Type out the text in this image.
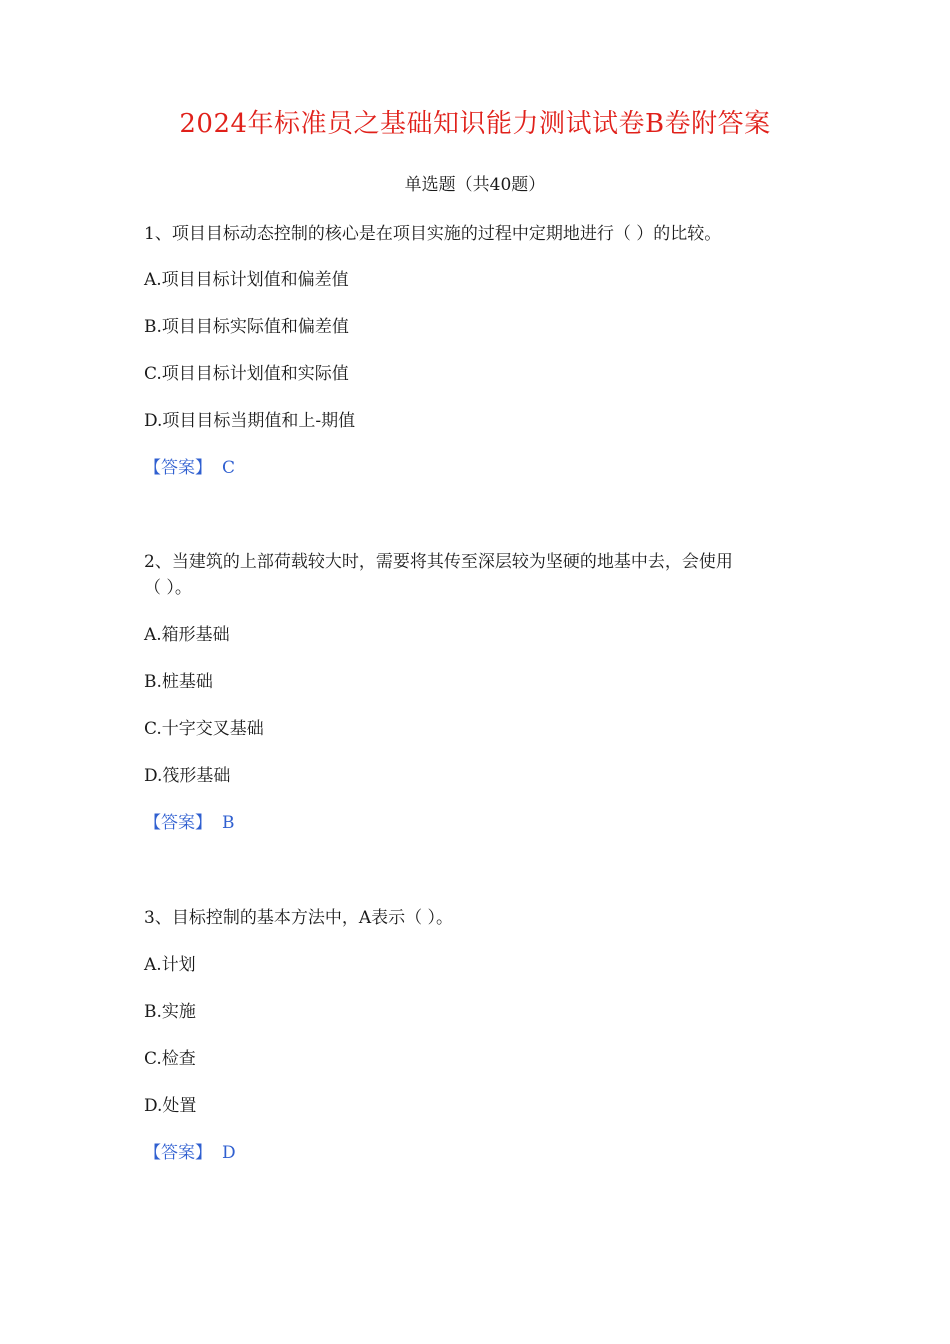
2024年标准员之基础知识能力测试试卷B卷附答案
单选题（共40题）
1、项目目标动态控制的核心是在项目实施的过程中定期地进行（ ）的比较。
A.项目目标计划值和偏差值
B.项目目标实际值和偏差值
C.项目目标计划值和实际值
D.项目目标当期值和上-期值
【答案】 C
2、当建筑的上部荷载较大时，需要将其传至深层较为坚硬的地基中去，会使用
（ ）。
A.箱形基础
B.桩基础
C.十字交叉基础
D.筏形基础
【答案】 B
3、目标控制的基本方法中，A表示（ ）。
A.计划
B.实施
C.检查
D.处置
【答案】 D
